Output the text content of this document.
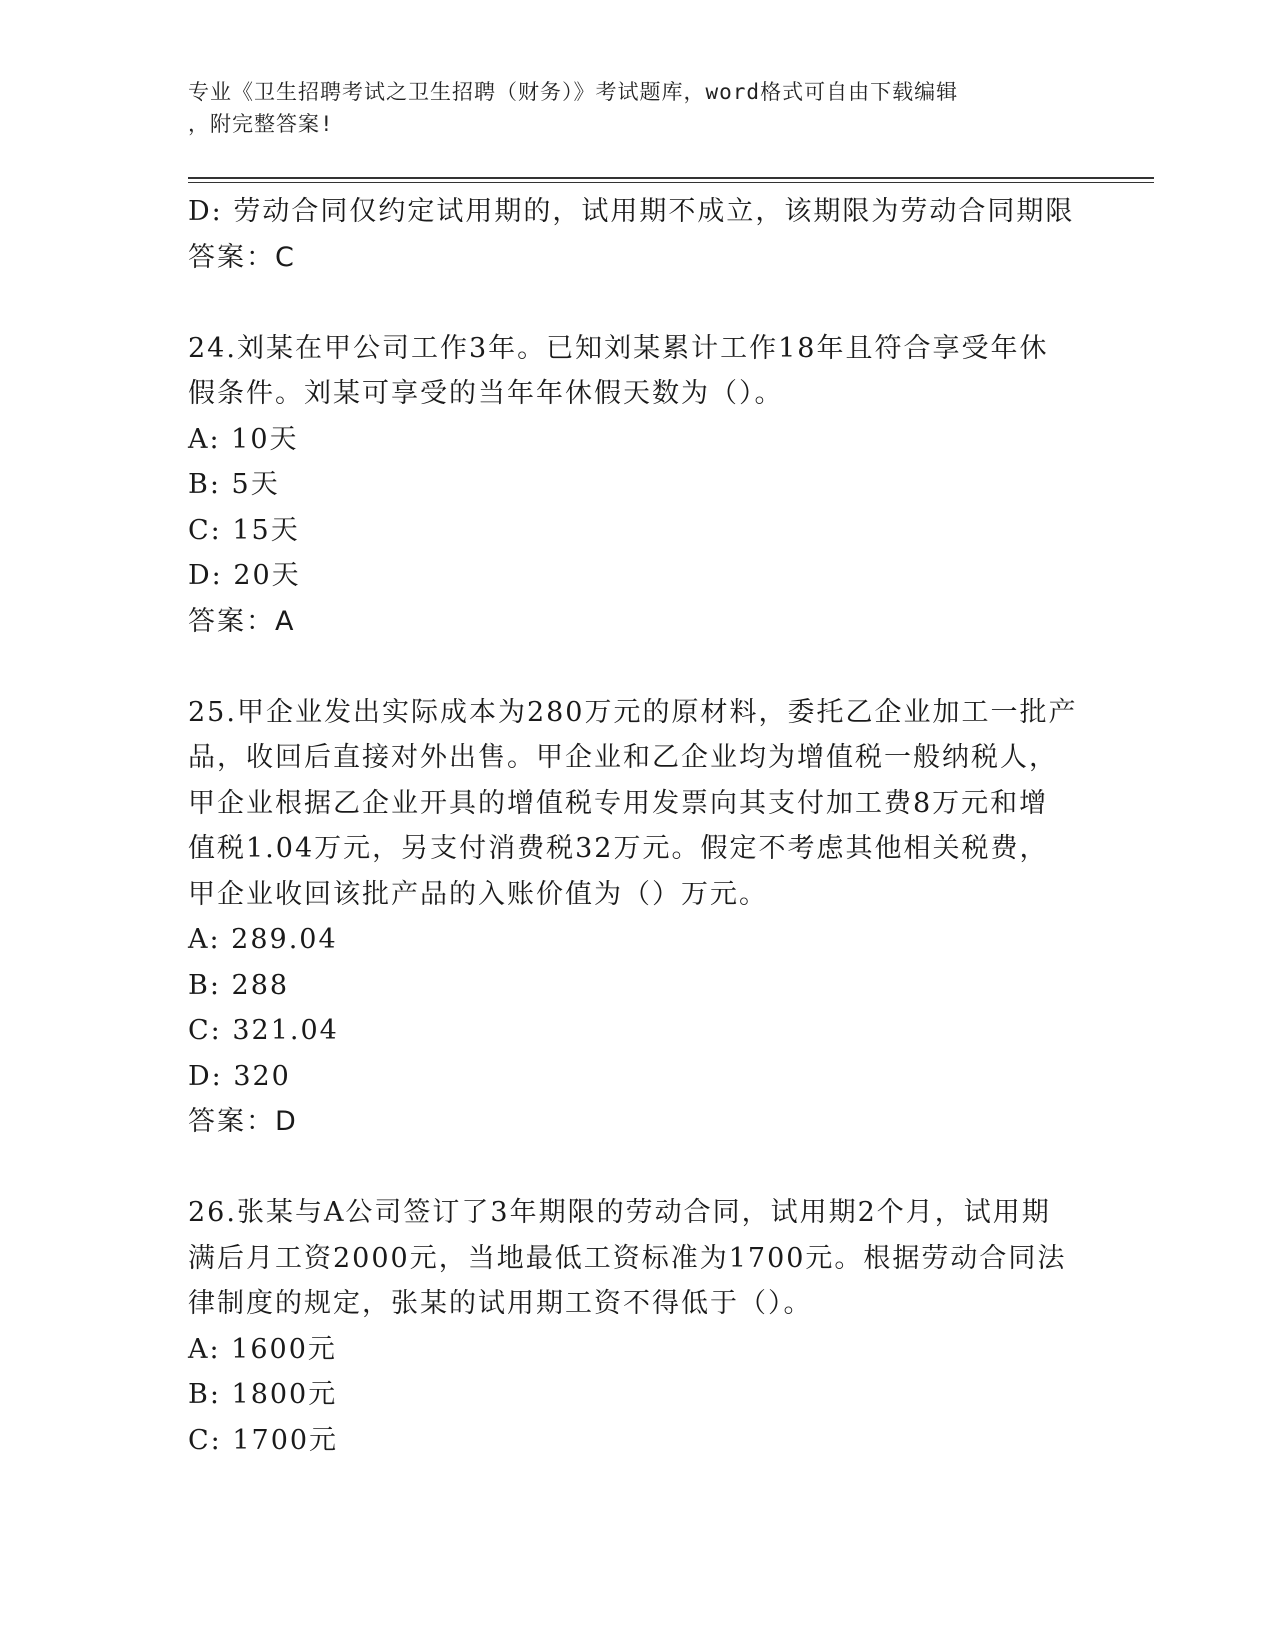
专业《卫生招聘考试之卫生招聘（财务）》考试题库，word格式可自由下载编辑
，附完整答案!
D: 劳动合同仅约定试用期的，试用期不成立，该期限为劳动合同期限
答案：C
24.刘某在甲公司工作3年。已知刘某累计工作18年且符合享受年休
假条件。刘某可享受的当年年休假天数为（）。
A: 10天
B: 5天
C: 15天
D: 20天
答案：A
25.甲企业发出实际成本为280万元的原材料，委托乙企业加工一批产
品，收回后直接对外出售。甲企业和乙企业均为增值税一般纳税人，
甲企业根据乙企业开具的增值税专用发票向其支付加工费8万元和增
值税1.04万元，另支付消费税32万元。假定不考虑其他相关税费，
甲企业收回该批产品的入账价值为（）万元。
A: 289.04
B: 288
C: 321.04
D: 320
答案：D
26.张某与A公司签订了3年期限的劳动合同，试用期2个月，试用期
满后月工资2000元，当地最低工资标准为1700元。根据劳动合同法
律制度的规定，张某的试用期工资不得低于（）。
A: 1600元
B: 1800元
C: 1700元
